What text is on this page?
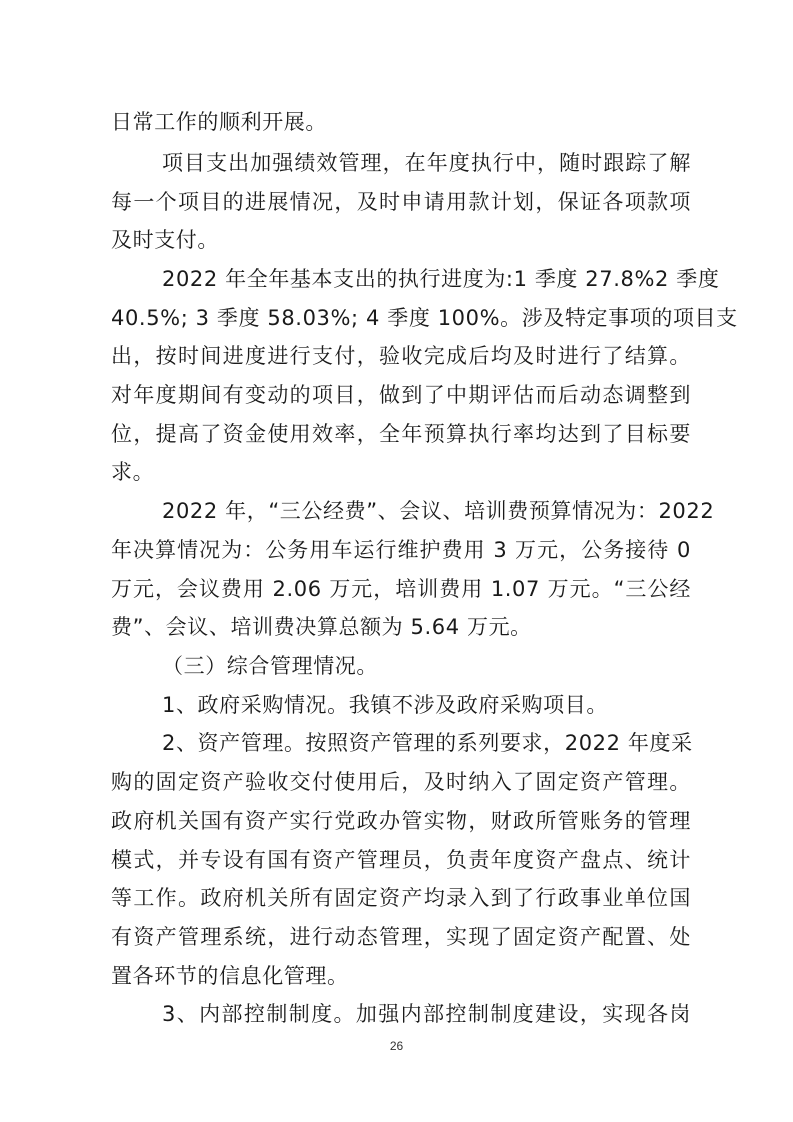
日常工作的顺利开展。
项目支出加强绩效管理，在年度执行中，随时跟踪了解
每一个项目的进展情况，及时申请用款计划，保证各项款项
及时支付。
2022 年全年基本支出的执行进度为:1 季度 27.8%2 季度
40.5%; 3 季度 58.03%; 4 季度 100%。涉及特定事项的项目支
出，按时间进度进行支付，验收完成后均及时进行了结算。
对年度期间有变动的项目，做到了中期评估而后动态调整到
位，提高了资金使用效率，全年预算执行率均达到了目标要
求。
2022 年，“三公经费”、会议、培训费预算情况为：2022
年决算情况为：公务用车运行维护费用 3 万元，公务接待 0
万元，会议费用 2.06 万元，培训费用 1.07 万元。“三公经
费”、会议、培训费决算总额为 5.64 万元。
（三）综合管理情况。
1、政府采购情况。我镇不涉及政府采购项目。
2、资产管理。按照资产管理的系列要求，2022 年度采
购的固定资产验收交付使用后，及时纳入了固定资产管理。
政府机关国有资产实行党政办管实物，财政所管账务的管理
模式，并专设有国有资产管理员，负责年度资产盘点、统计
等工作。政府机关所有固定资产均录入到了行政事业单位国
有资产管理系统，进行动态管理，实现了固定资产配置、处
置各环节的信息化管理。
3、内部控制制度。加强内部控制制度建设，实现各岗
26
